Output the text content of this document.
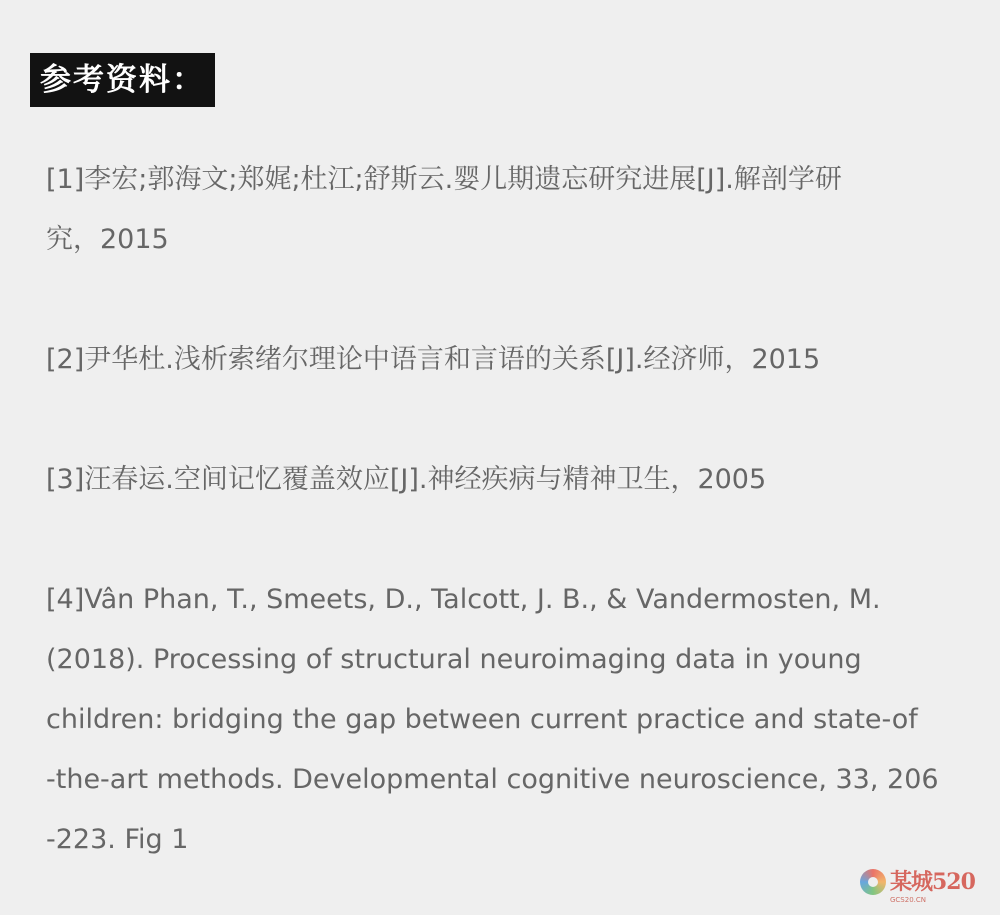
参考资料：
[1]李宏;郭海文;郑娓;杜江;舒斯云.婴儿期遗忘研究进展[J].解剖学研
究，2015
[2]尹华杜.浅析索绪尔理论中语言和言语的关系[J].经济师，2015
[3]汪春运.空间记忆覆盖效应[J].神经疾病与精神卫生，2005
[4]Vân Phan, T., Smeets, D., Talcott, J. B., & Vandermosten, M.
(2018). Processing of structural neuroimaging data in young
children: bridging the gap between current practice and state-of
-the-art methods. Developmental cognitive neuroscience, 33, 206
-223. Fig 1
某城520
GCS20.CN
